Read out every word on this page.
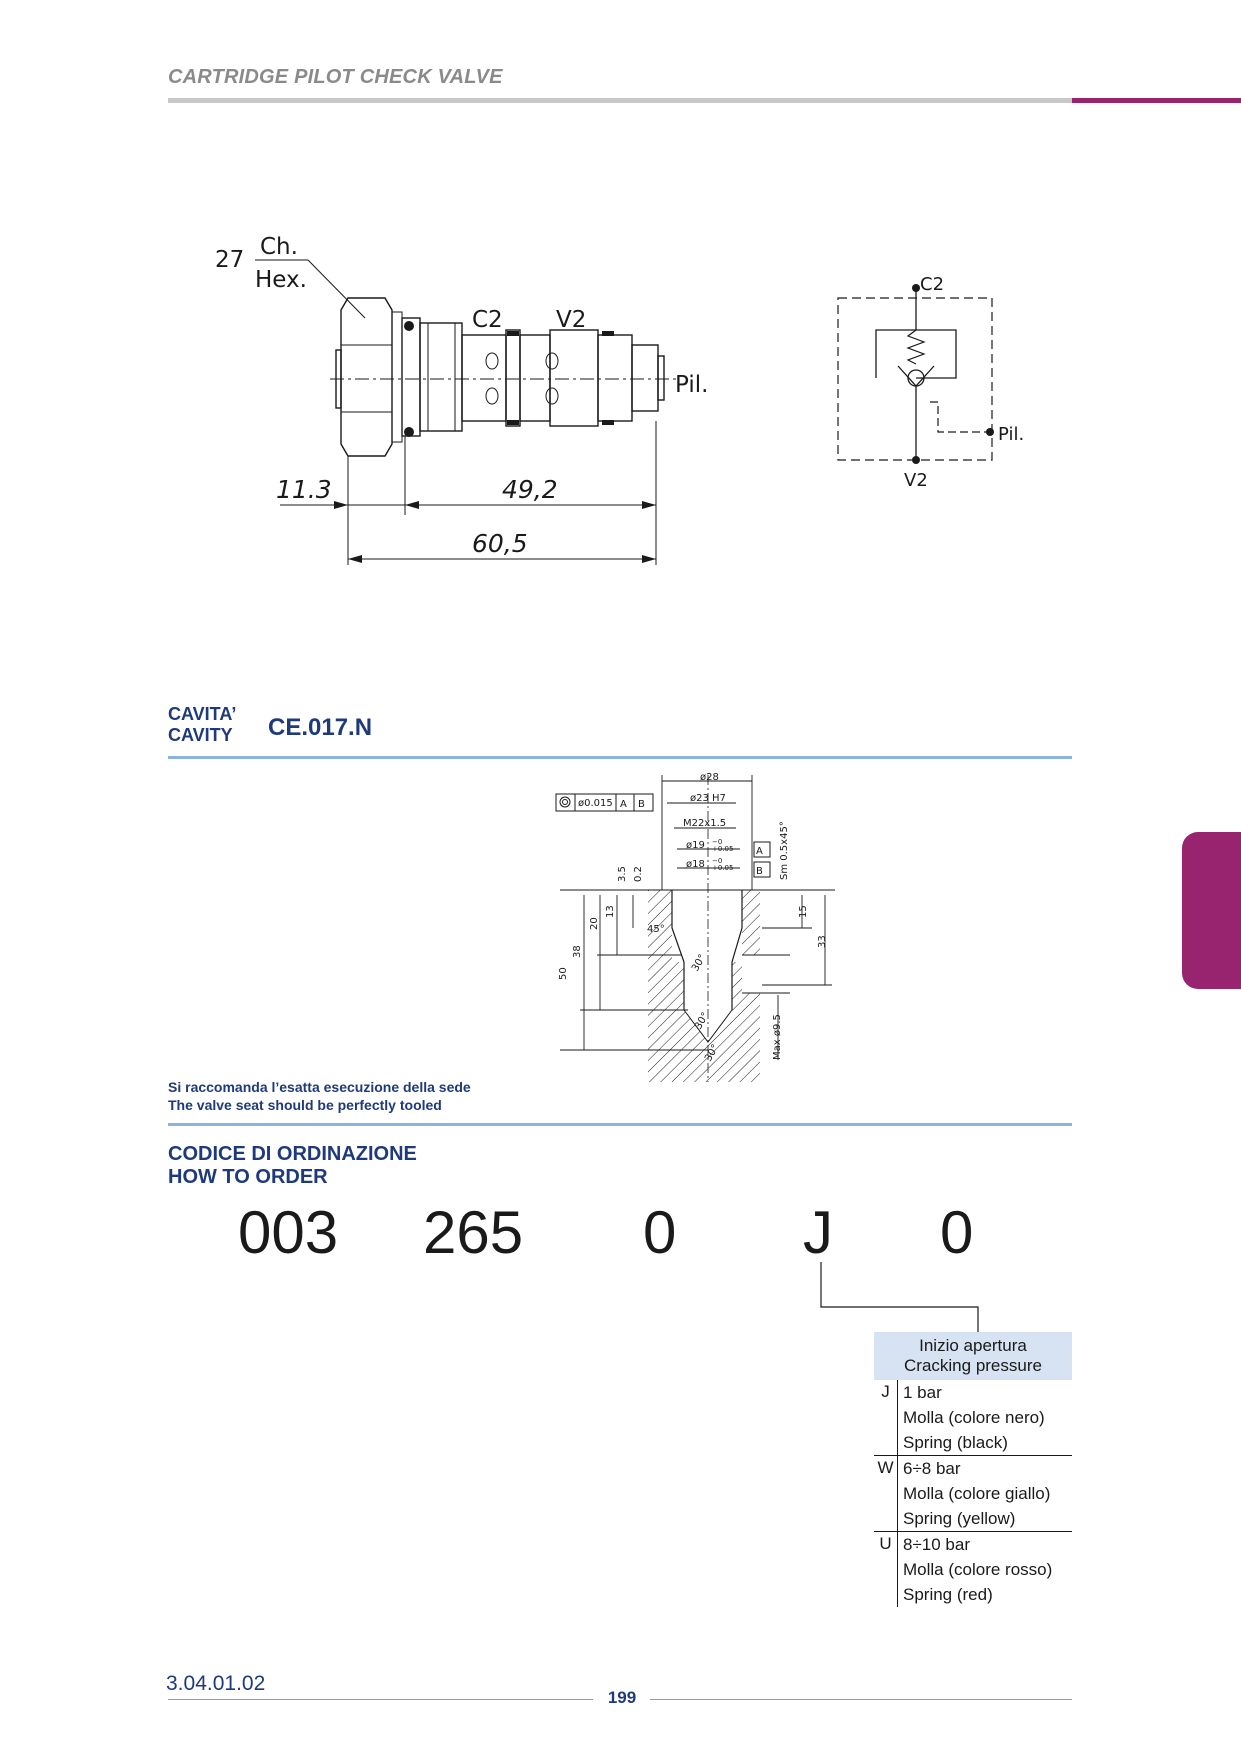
CARTRIDGE PILOT CHECK VALVE
27 Ch.
Hex.
C2 V2
Pil.
11.3	49,2
60,5
C2
V2
Pil.
CAVITA’
CAVITY CE.017.N
ø0.015 A B
ø28
ø23 H7
M22x1.5
ø19
ø18
A
B
45°
−0
+0.05
−0
+0.05	Sm 0.5x45°
3.5 0.2
13
20
38
50
15
33
Max ø9.5
30°
30°
30°
Si raccomanda l’esatta esecuzione della sede
The valve seat should be perfectly tooled
CODICE DI ORDINAZIONE
HOW TO ORDER
003 265 0 J 0
Inizio apertura
Cracking pressure
J 1 bar
Molla (colore nero)
Spring (black)
W 6÷8 bar
Molla (colore giallo)
Spring (yellow)
U 8÷10 bar
Molla (colore rosso)
Spring (red)
3.04.01.02
199
